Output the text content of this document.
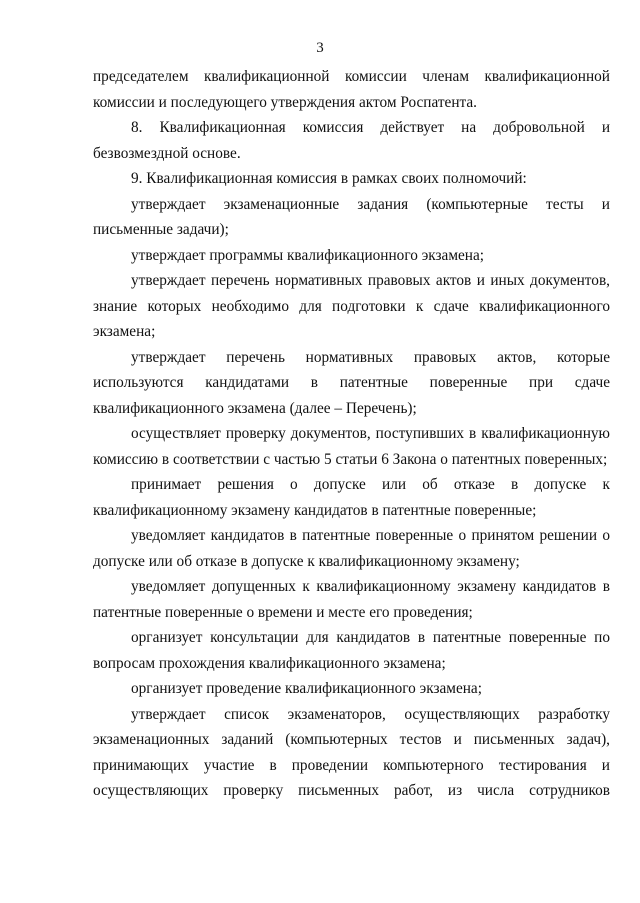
3

председателем квалификационной комиссии членам квалификационной комиссии и последующего утверждения актом Роспатента.

8. Квалификационная комиссия действует на добровольной и безвозмездной основе.

9. Квалификационная комиссия в рамках своих полномочий:

утверждает экзаменационные задания (компьютерные тесты и письменные задачи);

утверждает программы квалификационного экзамена;

утверждает перечень нормативных правовых актов и иных документов, знание которых необходимо для подготовки к сдаче квалификационного экзамена;

утверждает перечень нормативных правовых актов, которые используются кандидатами в патентные поверенные при сдаче квалификационного экзамена (далее – Перечень);

осуществляет проверку документов, поступивших в квалификационную комиссию в соответствии с частью 5 статьи 6 Закона о патентных поверенных;

принимает решения о допуске или об отказе в допуске к квалификационному экзамену кандидатов в патентные поверенные;

уведомляет кандидатов в патентные поверенные о принятом решении о допуске или об отказе в допуске к квалификационному экзамену;

уведомляет допущенных к квалификационному экзамену кандидатов в патентные поверенные о времени и месте его проведения;

организует консультации для кандидатов в патентные поверенные по вопросам прохождения квалификационного экзамена;

организует проведение квалификационного экзамена;

утверждает список экзаменаторов, осуществляющих разработку экзаменационных заданий (компьютерных тестов и письменных задач), принимающих участие в проведении компьютерного тестирования и осуществляющих проверку письменных работ, из числа сотрудников
